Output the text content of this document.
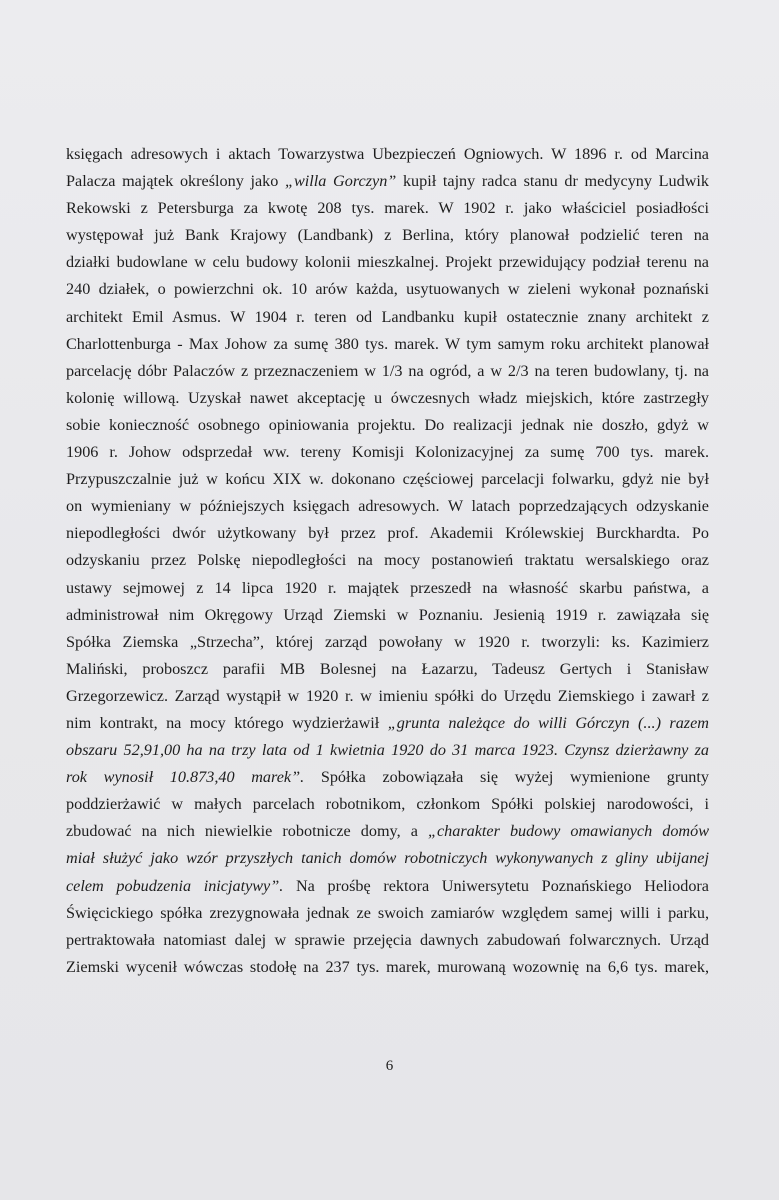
księgach adresowych i aktach Towarzystwa Ubezpieczeń Ogniowych. W 1896 r. od Marcina
Palacza majątek określony jako „willa Gorczyn” kupił tajny radca stanu dr medycyny Ludwik
Rekowski z Petersburga za kwotę 208 tys. marek. W 1902 r. jako właściciel posiadłości
występował już Bank Krajowy (Landbank) z Berlina, który planował podzielić teren na
działki budowlane w celu budowy kolonii mieszkalnej. Projekt przewidujący podział terenu na
240 działek, o powierzchni ok. 10 arów każda, usytuowanych w zieleni wykonał poznański
architekt Emil Asmus. W 1904 r. teren od Landbanku kupił ostatecznie znany architekt z
Charlottenburga - Max Johow za sumę 380 tys. marek. W tym samym roku architekt planował
parcelację dóbr Palaczów z przeznaczeniem w 1/3 na ogród, a w 2/3 na teren budowlany, tj. na
kolonię willową. Uzyskał nawet akceptację u ówczesnych władz miejskich, które zastrzegły
sobie konieczność osobnego opiniowania projektu. Do realizacji jednak nie doszło, gdyż w
1906 r. Johow odsprzedał ww. tereny Komisji Kolonizacyjnej za sumę 700 tys. marek.
Przypuszczalnie już w końcu XIX w. dokonano częściowej parcelacji folwarku, gdyż nie był
on wymieniany w późniejszych księgach adresowych. W latach poprzedzających odzyskanie
niepodległości dwór użytkowany był przez prof. Akademii Królewskiej Burckhardta. Po
odzyskaniu przez Polskę niepodległości na mocy postanowień traktatu wersalskiego oraz
ustawy sejmowej z 14 lipca 1920 r. majątek przeszedł na własność skarbu państwa, a
administrował nim Okręgowy Urząd Ziemski w Poznaniu. Jesienią 1919 r. zawiązała się
Spółka Ziemska „Strzecha”, której zarząd powołany w 1920 r. tworzyli: ks. Kazimierz
Maliński, proboszcz parafii MB Bolesnej na Łazarzu, Tadeusz Gertych i Stanisław
Grzegorzewicz. Zarząd wystąpił w 1920 r. w imieniu spółki do Urzędu Ziemskiego i zawarł z
nim kontrakt, na mocy którego wydzierżawił „grunta należące do willi Górczyn (...) razem
obszaru 52,91,00 ha na trzy lata od 1 kwietnia 1920 do 31 marca 1923. Czynsz dzierżawny za
rok wynosił 10.873,40 marek”. Spółka zobowiązała się wyżej wymienione grunty
poddzierżawić w małych parcelach robotnikom, członkom Spółki polskiej narodowości, i
zbudować na nich niewielkie robotnicze domy, a „charakter budowy omawianych domów
miał służyć jako wzór przyszłych tanich domów robotniczych wykonywanych z gliny ubijanej
celem pobudzenia inicjatywy”. Na prośbę rektora Uniwersytetu Poznańskiego Heliodora
Święcickiego spółka zrezygnowała jednak ze swoich zamiarów względem samej willi i parku,
pertraktowała natomiast dalej w sprawie przejęcia dawnych zabudowań folwarcznych. Urząd
Ziemski wycenił wówczas stodołę na 237 tys. marek, murowaną wozownię na 6,6 tys. marek,
6
